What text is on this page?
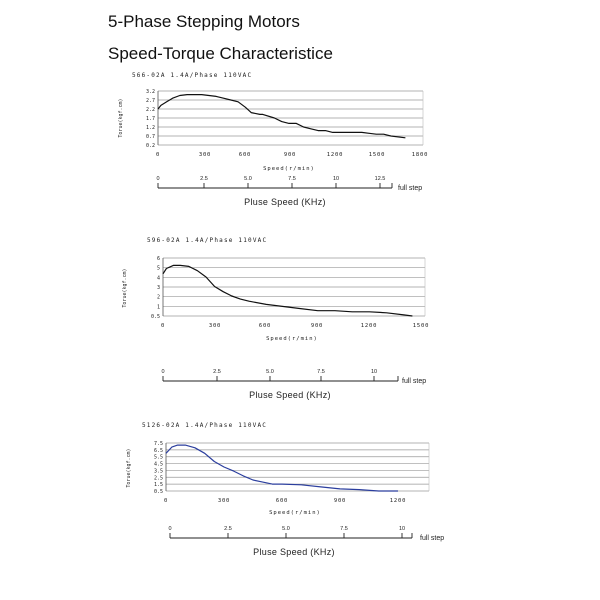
5-Phase Stepping Motors
Speed-Torque Characteristice
566-02A 1.4A/Phase 110VAC
3.2
2.7
2.2
1.7
1.2
0.7
0.2
Torue(kgf.cm)
0	300	600	900	1200	1500	1800
Speed(r/min)
0	2.5	5.0	7.5	10	12.5
full step
Pluse Speed (KHz)
596-02A 1.4A/Phase 110VAC
6
5
4
3
2
1
0.5
Torue(kgf.cm)
0	300	600	900	1200	1500
Speed(r/min)
0	2.5	5.0	7.5	10
full step
Pluse Speed (KHz)
5126-02A 1.4A/Phase 110VAC
7.5
6.5
5.5
4.5
3.5
2.5
1.5
0.5
Torue(kgf.cm)
0	300	600	900	1200
Speed(r/min)
0	2.5	5.0	7.5	10
full step
Pluse Speed (KHz)
